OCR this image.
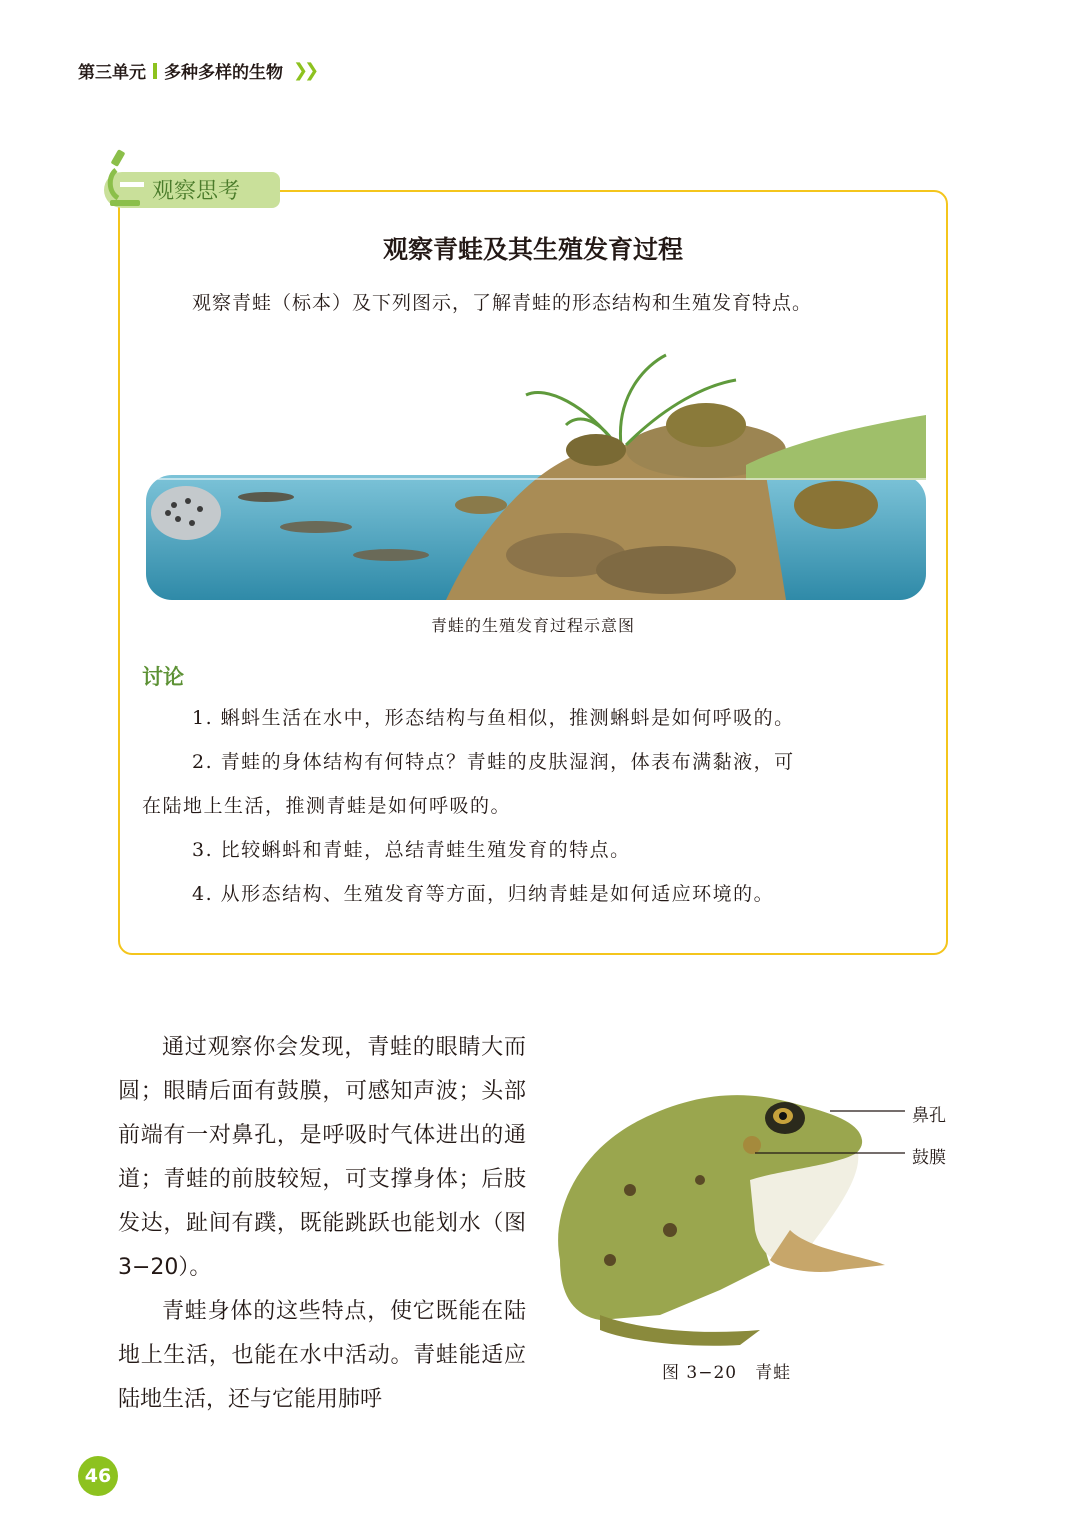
第三单元 多种多样的生物 ❯❯
观察思考
观察青蛙及其生殖发育过程
观察青蛙（标本）及下列图示，了解青蛙的形态结构和生殖发育特点。
青蛙的生殖发育过程示意图
讨论
1. 蝌蚪生活在水中，形态结构与鱼相似，推测蝌蚪是如何呼吸的。
2. 青蛙的身体结构有何特点？青蛙的皮肤湿润，体表布满黏液，可
在陆地上生活，推测青蛙是如何呼吸的。
3. 比较蝌蚪和青蛙，总结青蛙生殖发育的特点。
4. 从形态结构、生殖发育等方面，归纳青蛙是如何适应环境的。
通过观察你会发现，青蛙的眼睛大而圆；眼睛后面有鼓膜，可感知声波；头部前端有一对鼻孔，是呼吸时气体进出的通道；青蛙的前肢较短，可支撑身体；后肢发达，趾间有蹼，既能跳跃也能划水（图 3−20）。
青蛙身体的这些特点，使它既能在陆地上生活，也能在水中活动。青蛙能适应陆地生活，还与它能用肺呼
鼻孔
鼓膜
图 3−20　青蛙
46
